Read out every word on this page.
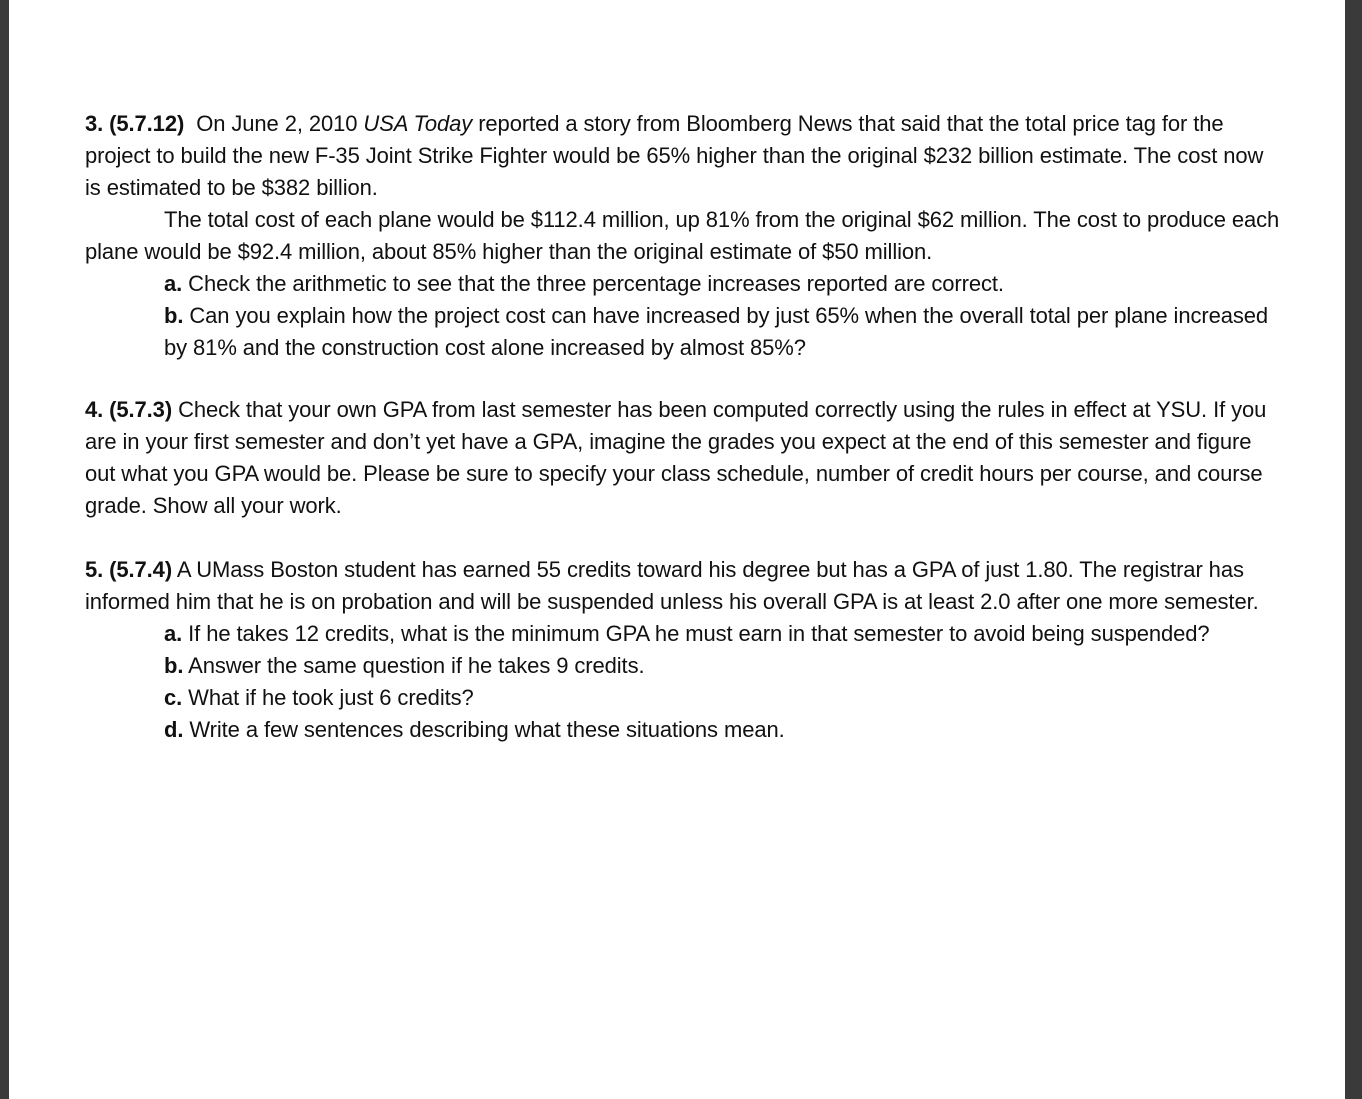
3. (5.7.12) On June 2, 2010 USA Today reported a story from Bloomberg News that said that the total price tag for the project to build the new F-35 Joint Strike Fighter would be 65% higher than the original $232 billion estimate. The cost now is estimated to be $382 billion.

The total cost of each plane would be $112.4 million, up 81% from the original $62 million. The cost to produce each plane would be $92.4 million, about 85% higher than the original estimate of $50 million.

a. Check the arithmetic to see that the three percentage increases reported are correct.

b. Can you explain how the project cost can have increased by just 65% when the overall total per plane increased by 81% and the construction cost alone increased by almost 85%?

4. (5.7.3) Check that your own GPA from last semester has been computed correctly using the rules in effect at YSU. If you are in your first semester and don’t yet have a GPA, imagine the grades you expect at the end of this semester and figure out what you GPA would be. Please be sure to specify your class schedule, number of credit hours per course, and course grade. Show all your work.

5. (5.7.4) A UMass Boston student has earned 55 credits toward his degree but has a GPA of just 1.80. The registrar has informed him that he is on probation and will be suspended unless his overall GPA is at least 2.0 after one more semester.

a. If he takes 12 credits, what is the minimum GPA he must earn in that semester to avoid being suspended?

b. Answer the same question if he takes 9 credits.

c. What if he took just 6 credits?

d. Write a few sentences describing what these situations mean.
